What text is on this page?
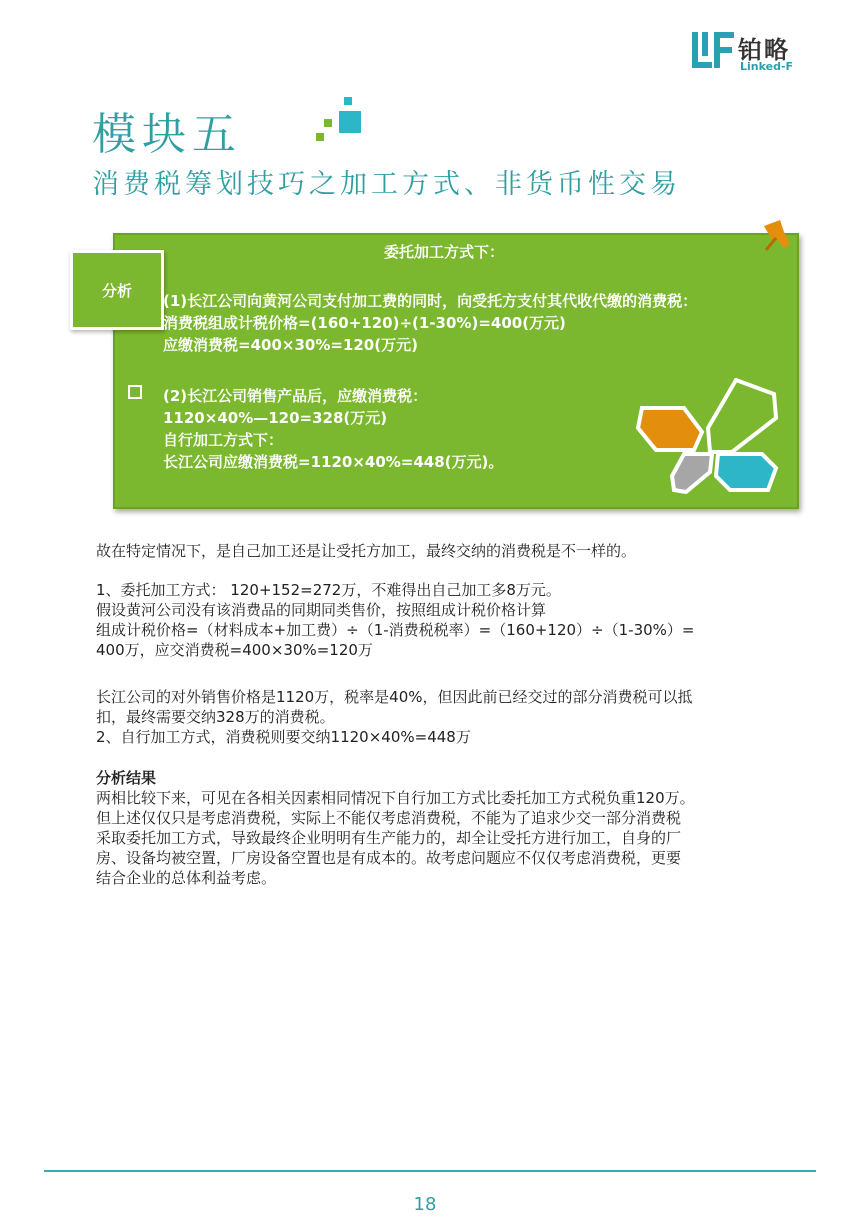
铂略
Linked-F
模块五
消费税筹划技巧之加工方式、非货币性交易
分析
委托加工方式下：
(1)长江公司向黄河公司支付加工费的同时，向受托方支付其代收代缴的消费税：
消费税组成计税价格=(160+120)÷(1-30%)=400(万元)
应缴消费税=400×30%=120(万元)
(2)长江公司销售产品后，应缴消费税：
1120×40%—120=328(万元)
自行加工方式下：
长江公司应缴消费税=1120×40%=448(万元)。
故在特定情况下，是自己加工还是让受托方加工，最终交纳的消费税是不一样的。
1、委托加工方式： 120+152=272万，不难得出自己加工多8万元。
假设黄河公司没有该消费品的同期同类售价，按照组成计税价格计算
组成计税价格=（材料成本+加工费）÷（1-消费税税率）=（160+120）÷（1-30%）=
400万，应交消费税=400×30%=120万
长江公司的对外销售价格是1120万，税率是40%，但因此前已经交过的部分消费税可以抵
扣，最终需要交纳328万的消费税。
2、自行加工方式，消费税则要交纳1120×40%=448万
分析结果
两相比较下来，可见在各相关因素相同情况下自行加工方式比委托加工方式税负重120万。
但上述仅仅只是考虑消费税，实际上不能仅考虑消费税，不能为了追求少交一部分消费税
采取委托加工方式，导致最终企业明明有生产能力的，却全让受托方进行加工，自身的厂
房、设备均被空置，厂房设备空置也是有成本的。故考虑问题应不仅仅考虑消费税，更要
结合企业的总体利益考虑。
18
